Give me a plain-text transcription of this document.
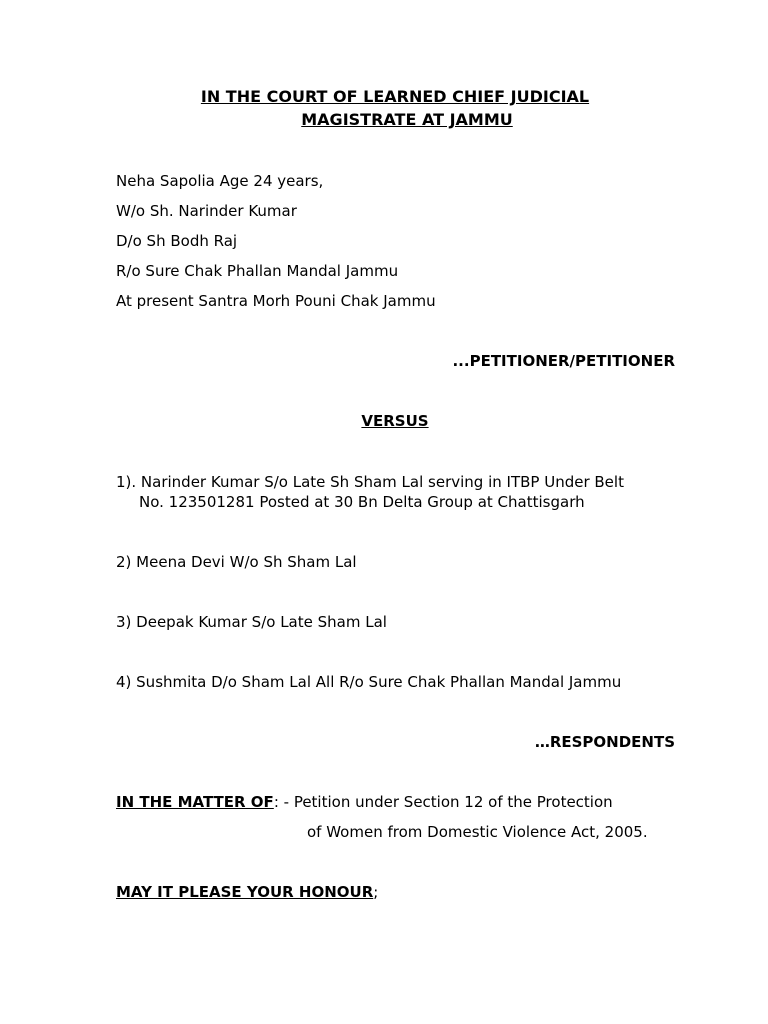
IN THE COURT OF LEARNED CHIEF JUDICIAL
MAGISTRATE AT JAMMU
Neha Sapolia Age 24 years,
W/o Sh. Narinder Kumar
D/o Sh Bodh Raj
R/o Sure Chak Phallan Mandal Jammu
At present Santra Morh Pouni Chak Jammu
...PETITIONER/PETITIONER
VERSUS
1). Narinder Kumar S/o Late Sh Sham Lal serving in ITBP Under Belt
No. 123501281 Posted at 30 Bn Delta Group at Chattisgarh
2) Meena Devi W/o Sh Sham Lal
3) Deepak Kumar S/o Late Sham Lal
4) Sushmita D/o Sham Lal All R/o Sure Chak Phallan Mandal Jammu
…RESPONDENTS
IN THE MATTER OF: - Petition under Section 12 of the Protection
of Women from Domestic Violence Act, 2005.
MAY IT PLEASE YOUR HONOUR;
